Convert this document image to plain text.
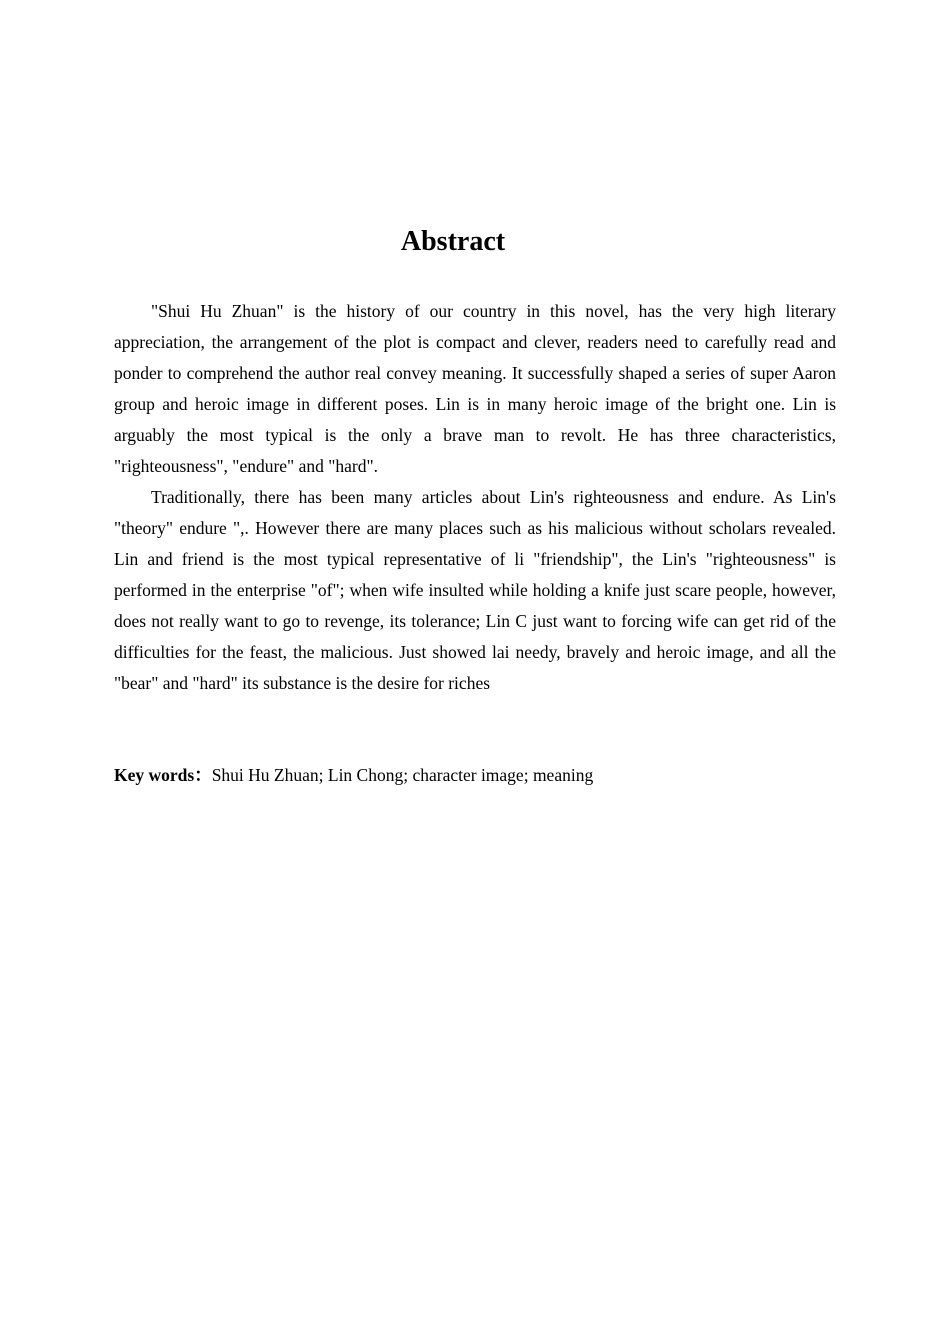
Abstract

"Shui Hu Zhuan" is the history of our country in this novel, has the very high literary appreciation, the arrangement of the plot is compact and clever, readers need to carefully read and ponder to comprehend the author real convey meaning. It successfully shaped a series of super Aaron group and heroic image in different poses. Lin is in many heroic image of the bright one. Lin is arguably the most typical is the only a brave man to revolt. He has three characteristics, "righteousness", "endure" and "hard".

Traditionally, there has been many articles about Lin's righteousness and endure. As Lin's "theory" endure ",. However there are many places such as his malicious without scholars revealed. Lin and friend is the most typical representative of li "friendship", the Lin's "righteousness" is performed in the enterprise "of"; when wife insulted while holding a knife just scare people, however, does not really want to go to revenge, its tolerance; Lin C just want to forcing wife can get rid of the difficulties for the feast, the malicious. Just showed lai needy, bravely and heroic image, and all the "bear" and "hard" its substance is the desire for riches

Key words：Shui Hu Zhuan; Lin Chong; character image; meaning
